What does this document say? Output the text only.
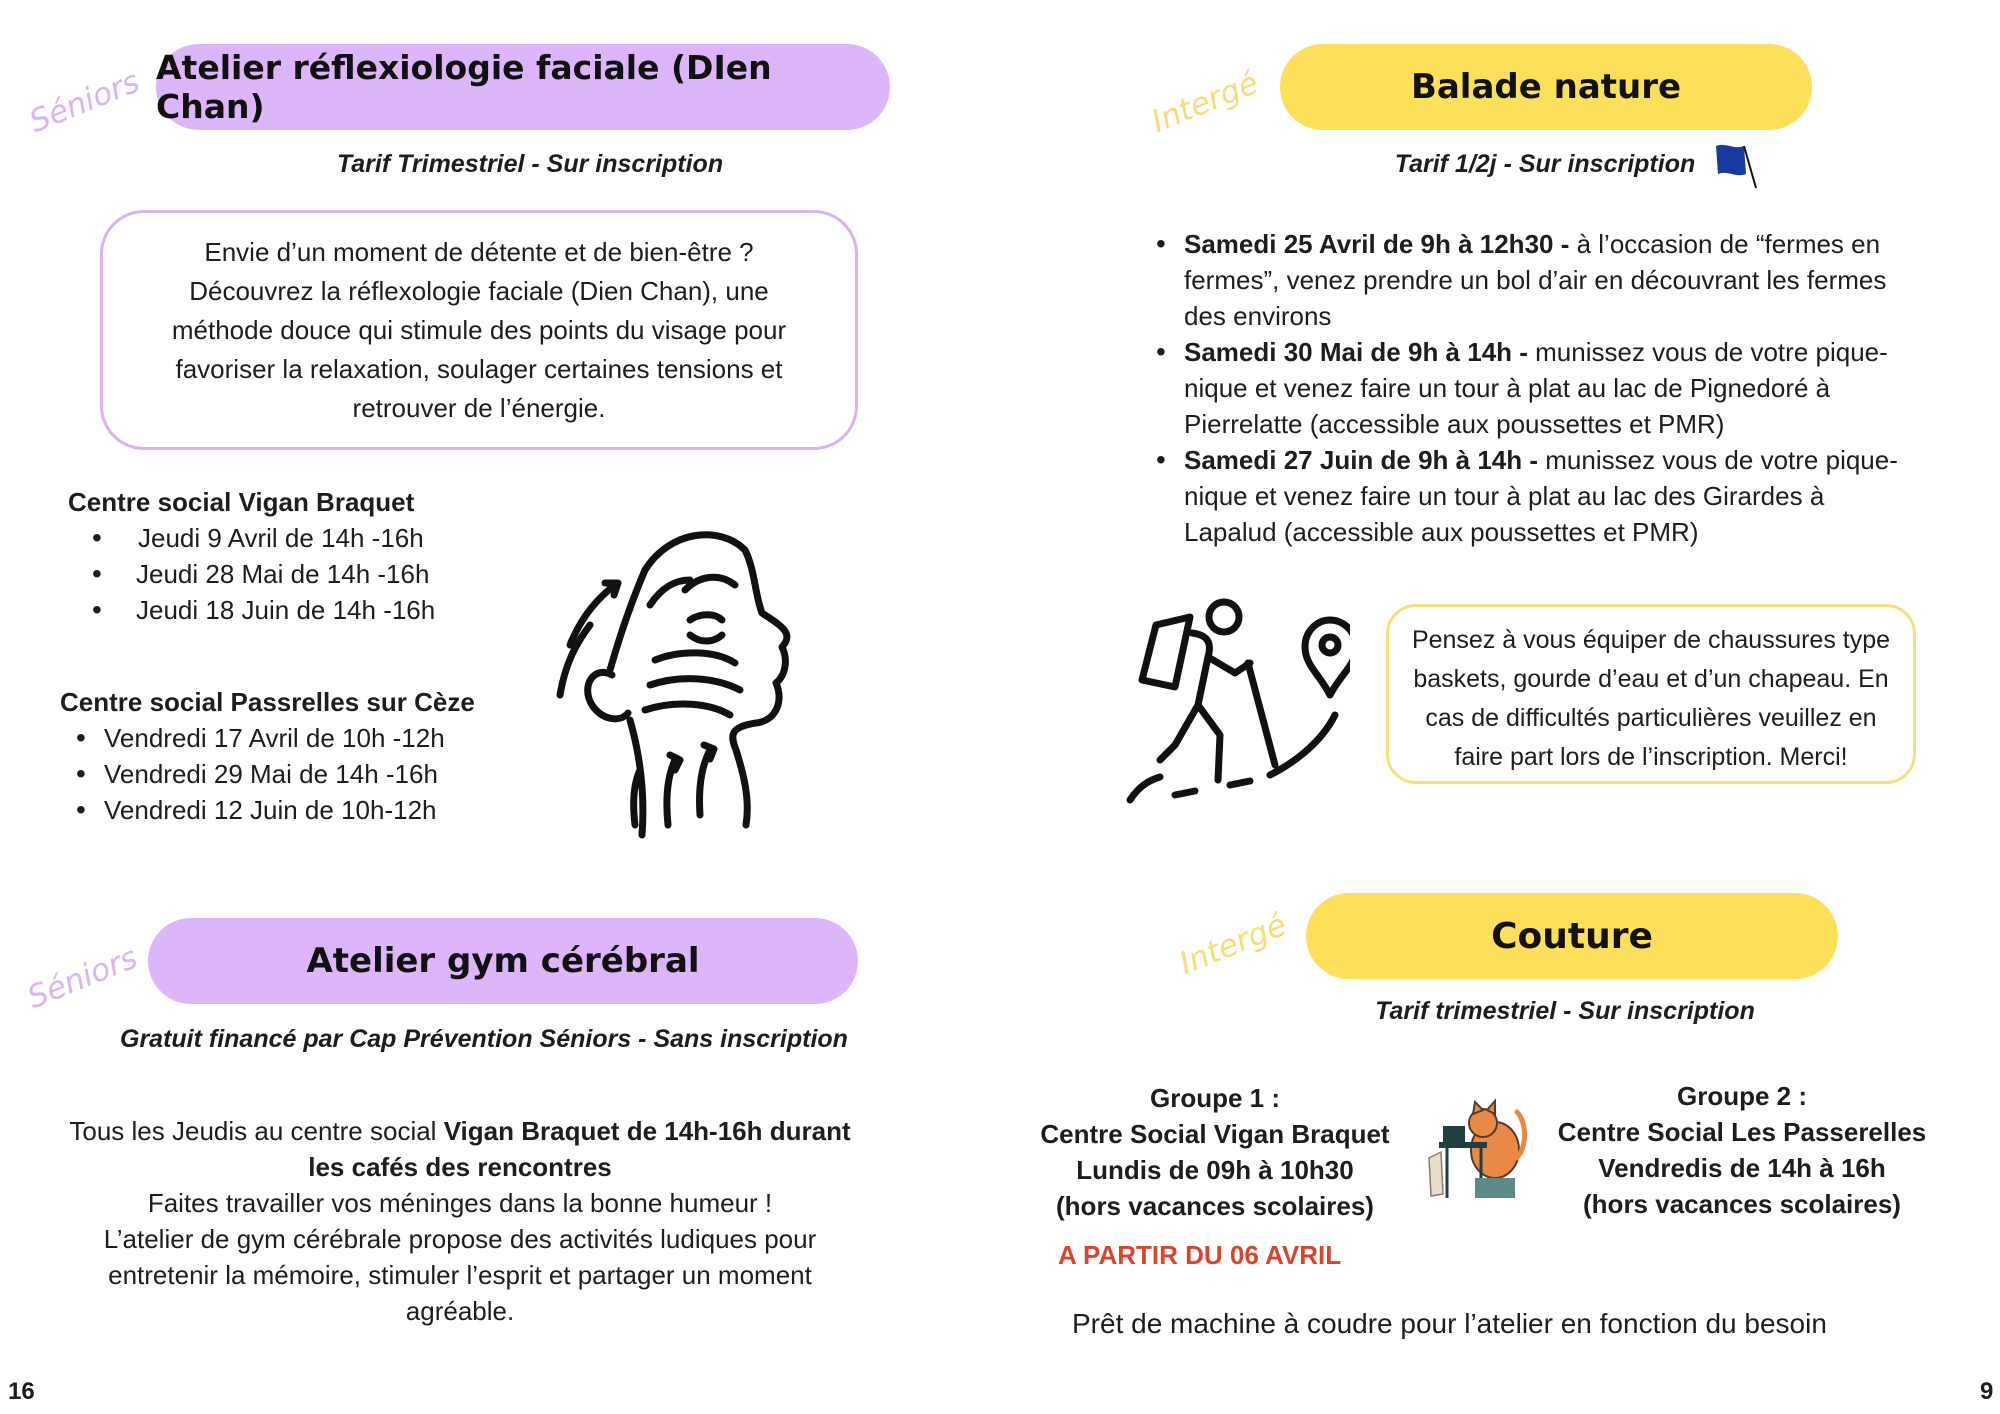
Séniors Atelier réflexiologie faciale (DIen Chan)
Tarif Trimestriel - Sur inscription
Envie d’un moment de détente et de bien-être ?
Découvrez la réflexologie faciale (Dien Chan), une
méthode douce qui stimule des points du visage pour
favoriser la relaxation, soulager certaines tensions et
retrouver de l’énergie.
Centre social Vigan Braquet
• Jeudi 9 Avril de 14h -16h
• Jeudi 28 Mai de 14h -16h
• Jeudi 18 Juin de 14h -16h
Centre social Passrelles sur Cèze
• Vendredi 17 Avril de 10h -12h
• Vendredi 29 Mai de 14h -16h
• Vendredi 12 Juin de 10h-12h
Séniors	Atelier gym cérébral
Gratuit financé par Cap Prévention Séniors - Sans inscription
Tous les Jeudis au centre social Vigan Braquet de 14h-16h durant
les cafés des rencontres
Faites travailler vos méninges dans la bonne humeur !
L’atelier de gym cérébrale propose des activités ludiques pour
entretenir la mémoire, stimuler l’esprit et partager un moment
agréable.
16
Intergé	Balade nature
Tarif 1/2j - Sur inscription
• Samedi 25 Avril de 9h à 12h30 - à l’occasion de “fermes en
fermes”, venez prendre un bol d’air en découvrant les fermes
des environs
• Samedi 30 Mai de 9h à 14h - munissez vous de votre pique-
nique et venez faire un tour à plat au lac de Pignedoré à
Pierrelatte (accessible aux poussettes et PMR)
• Samedi 27 Juin de 9h à 14h - munissez vous de votre pique-
nique et venez faire un tour à plat au lac des Girardes à
Lapalud (accessible aux poussettes et PMR)
Pensez à vous équiper de chaussures type
baskets, gourde d’eau et d’un chapeau. En
cas de difficultés particulières veuillez en
faire part lors de l’inscription. Merci!
Intergé	Couture
Tarif trimestriel - Sur inscription
Groupe 1 :
Centre Social Vigan Braquet
Lundis de 09h à 10h30
(hors vacances scolaires)
Groupe 2 :
Centre Social Les Passerelles
Vendredis de 14h à 16h
(hors vacances scolaires)
A PARTIR DU 06 AVRIL
Prêt de machine à coudre pour l’atelier en fonction du besoin
9
